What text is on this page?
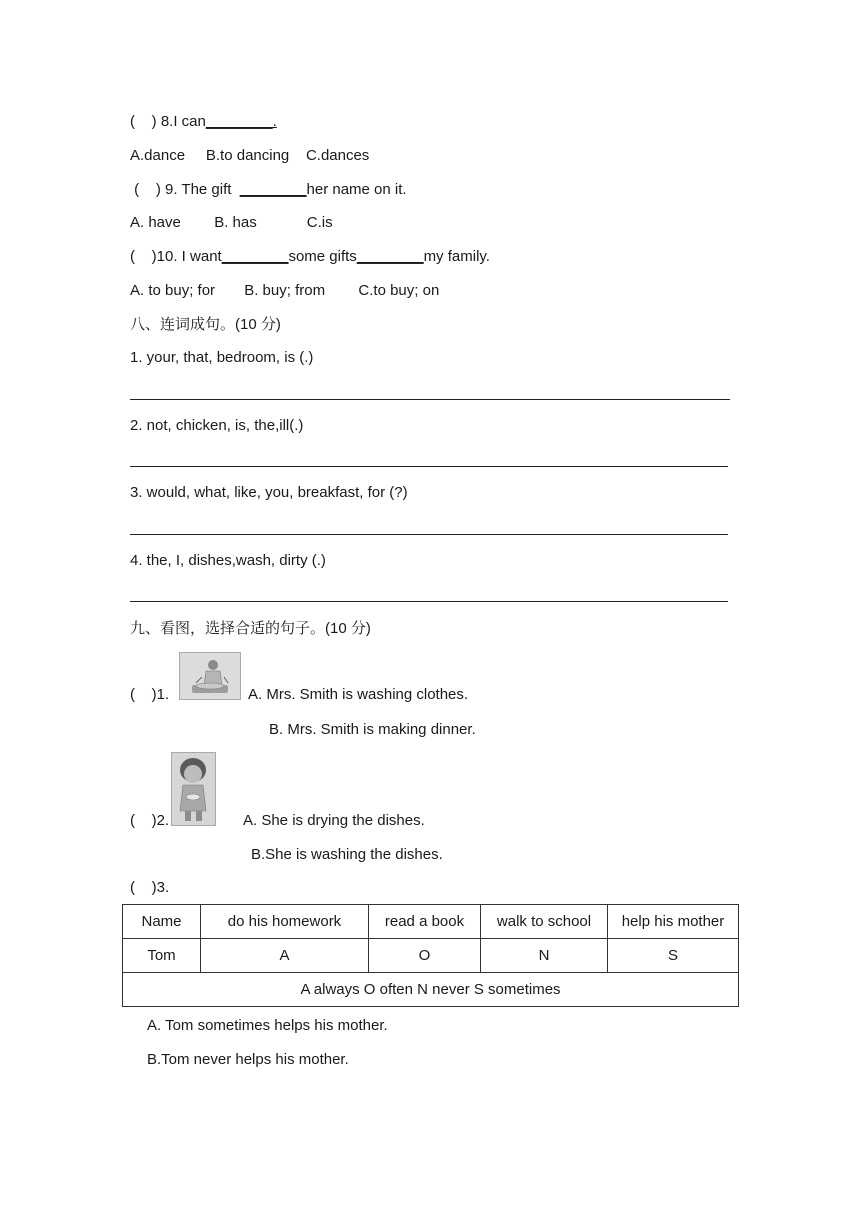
(    ) 8.I can________.
A.dance     B.to dancing    C.dances
(    ) 9. The gift  ________her name on it.
A. have        B. has            C.is
(    )10. I want________some gifts________my family.
A. to buy; for       B. buy; from        C.to buy; on
八、连词成句。(10 分)
1. your, that, bedroom, is (.)
2. not, chicken, is, the,ill(.)
3. would, what, like, you, breakfast, for (?)
4. the, I, dishes,wash, dirty (.)
九、看图，选择合适的句子。(10 分)
(    )1.	A. Mrs. Smith is washing clothes.
B. Mrs. Smith is making dinner.
(    )2.	A. She is drying the dishes.
B.She is washing the dishes.
(    )3.
Name	do his homework	read a book	walk to school	help his mother
Tom	A	O	N	S
A always O often N never S sometimes				
A. Tom sometimes helps his mother.
B.Tom never helps his mother.
